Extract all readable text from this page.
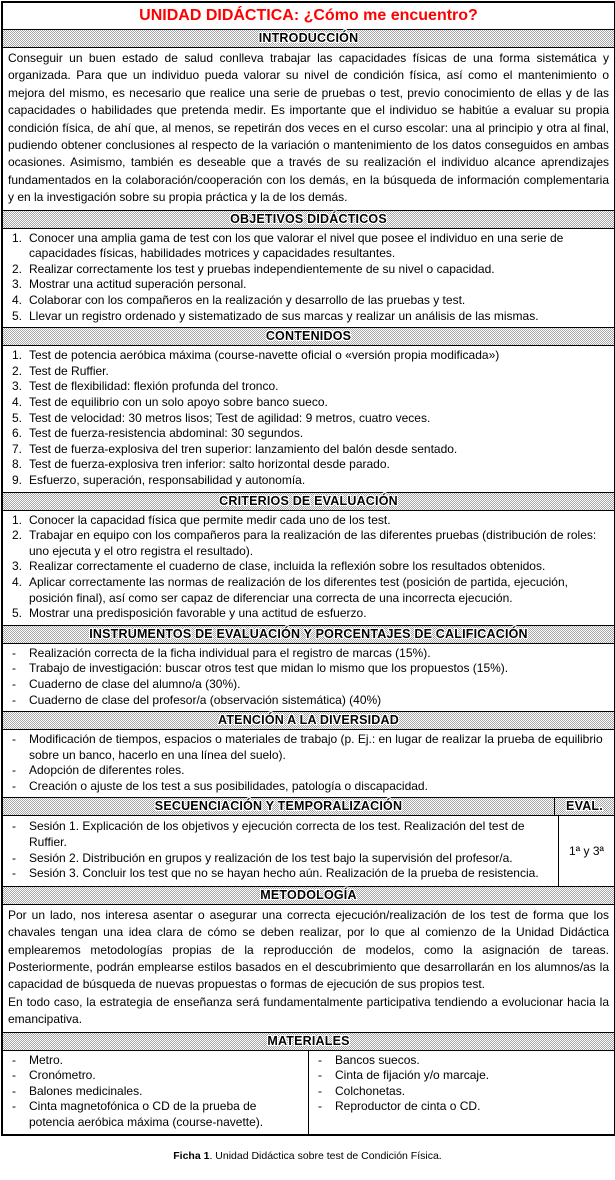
UNIDAD DIDÁCTICA: ¿Cómo me encuentro?
INTRODUCCIÓN

Conseguir un buen estado de salud conlleva trabajar las capacidades físicas de una forma sistemática y organizada. Para que un individuo pueda valorar su nivel de condición física, así como el mantenimiento o mejora del mismo, es necesario que realice una serie de pruebas o test, previo conocimiento de ellas y de las capacidades o habilidades que pretenda medir. Es importante que el individuo se habitúe a evaluar su propia condición física, de ahí que, al menos, se repetirán dos veces en el curso escolar: una al principio y otra al final, pudiendo obtener conclusiones al respecto de la variación o mantenimiento de los datos conseguidos en ambas ocasiones. Asimismo, también es deseable que a través de su realización el individuo alcance aprendizajes fundamentados en la colaboración/cooperación con los demás, en la búsqueda de información complementaria y en la investigación sobre su propia práctica y la de los demás.

OBJETIVOS DIDÁCTICOS
1. Conocer una amplia gama de test con los que valorar el nivel que posee el individuo en una serie de capacidades físicas, habilidades motrices y capacidades resultantes.
2. Realizar correctamente los test y pruebas independientemente de su nivel o capacidad.
3. Mostrar una actitud superación personal.
4. Colaborar con los compañeros en la realización y desarrollo de las pruebas y test.
5. Llevar un registro ordenado y sistematizado de sus marcas y realizar un análisis de las mismas.
CONTENIDOS
1. Test de potencia aeróbica máxima (course-navette oficial o «versión propia modificada»)
2. Test de Ruffier.
3. Test de flexibilidad: flexión profunda del tronco.
4. Test de equilibrio con un solo apoyo sobre banco sueco.
5. Test de velocidad: 30 metros lisos; Test de agilidad: 9 metros, cuatro veces.
6. Test de fuerza-resistencia abdominal: 30 segundos.
7. Test de fuerza-explosiva del tren superior: lanzamiento del balón desde sentado.
8. Test de fuerza-explosiva tren inferior: salto horizontal desde parado.
9. Esfuerzo, superación, responsabilidad y autonomía.
CRITERIOS DE EVALUACIÓN
1. Conocer la capacidad física que permite medir cada uno de los test.
2. Trabajar en equipo con los compañeros para la realización de las diferentes pruebas (distribución de roles: uno ejecuta y el otro registra el resultado).
3. Realizar correctamente el cuaderno de clase, incluida la reflexión sobre los resultados obtenidos.
4. Aplicar correctamente las normas de realización de los diferentes test (posición de partida, ejecución, posición final), así como ser capaz de diferenciar una correcta de una incorrecta ejecución.
5. Mostrar una predisposición favorable y una actitud de esfuerzo.
INSTRUMENTOS DE EVALUACIÓN Y PORCENTAJES DE CALIFICACIÓN
-	Realización correcta de la ficha individual para el registro de marcas (15%).
-	Trabajo de investigación: buscar otros test que midan lo mismo que los propuestos (15%).
-	Cuaderno de clase del alumno/a (30%).
-	Cuaderno de clase del profesor/a (observación sistemática) (40%)
ATENCIÓN A LA DIVERSIDAD
-	Modificación de tiempos, espacios o materiales de trabajo (p. Ej.: en lugar de realizar la prueba de equilibrio sobre un banco, hacerlo en una línea del suelo).
-	Adopción de diferentes roles.
-	Creación o ajuste de los test a sus posibilidades, patología o discapacidad.
SECUENCIACIÓN Y TEMPORALIZACIÓN	EVAL.
-	Sesión 1. Explicación de los objetivos y ejecución correcta de los test. Realización del test de Ruffier.
-	Sesión 2. Distribución en grupos y realización de los test bajo la supervisión del profesor/a.
-	Sesión 3. Concluir los test que no se hayan hecho aún. Realización de la prueba de resistencia.
1ª y 3ª
METODOLOGÍA

Por un lado, nos interesa asentar o asegurar una correcta ejecución/realización de los test de forma que los chavales tengan una idea clara de cómo se deben realizar, por lo que al comienzo de la Unidad Didáctica emplearemos metodologías propias de la reproducción de modelos, como la asignación de tareas. Posteriormente, podrán emplearse estilos basados en el descubrimiento que desarrollarán en los alumnos/as la capacidad de búsqueda de nuevas propuestas o formas de ejecución de sus propios test.

En todo caso, la estrategia de enseñanza será fundamentalmente participativa tendiendo a evolucionar hacia la emancipativa.

MATERIALES
-	Metro.
-	Cronómetro.
-	Balones medicinales.
-	Cinta magnetofónica o CD de la prueba de potencia aeróbica máxima (course-navette).
-	Bancos suecos.
-	Cinta de fijación y/o marcaje.
-	Colchonetas.
-	Reproductor de cinta o CD.
Ficha 1. Unidad Didáctica sobre test de Condición Física.
